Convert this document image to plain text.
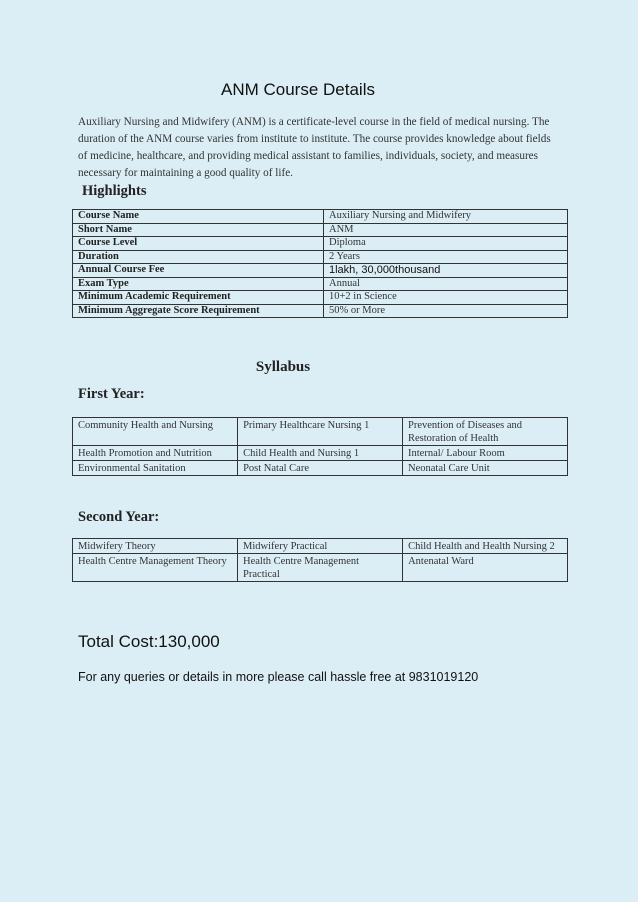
ANM Course Details

Auxiliary Nursing and Midwifery (ANM) is a certificate-level course in the field of medical nursing. The duration of the ANM course varies from institute to institute. The course provides knowledge about fields of medicine, healthcare, and providing medical assistant to families, individuals, society, and measures necessary for maintaining a good quality of life.

Highlights
Course Name	Auxiliary Nursing and Midwifery
Short Name	ANM
Course Level	Diploma
Duration	2 Years
Annual Course Fee	1lakh, 30,000thousand
Exam Type	Annual
Minimum Academic Requirement	10+2 in Science
Minimum Aggregate Score Requirement	50% or More
Syllabus
First Year:
Community Health and Nursing	Primary Healthcare Nursing 1	Prevention of Diseases and Restoration of Health
Health Promotion and Nutrition	Child Health and Nursing 1	Internal/ Labour Room
Environmental Sanitation	Post Natal Care	Neonatal Care Unit
Second Year:
Midwifery Theory	Midwifery Practical	Child Health and Health Nursing 2
Health Centre Management Theory	Health Centre Management Practical	Antenatal Ward

Total Cost:130,000

For any queries or details in more please call hassle free at 9831019120
